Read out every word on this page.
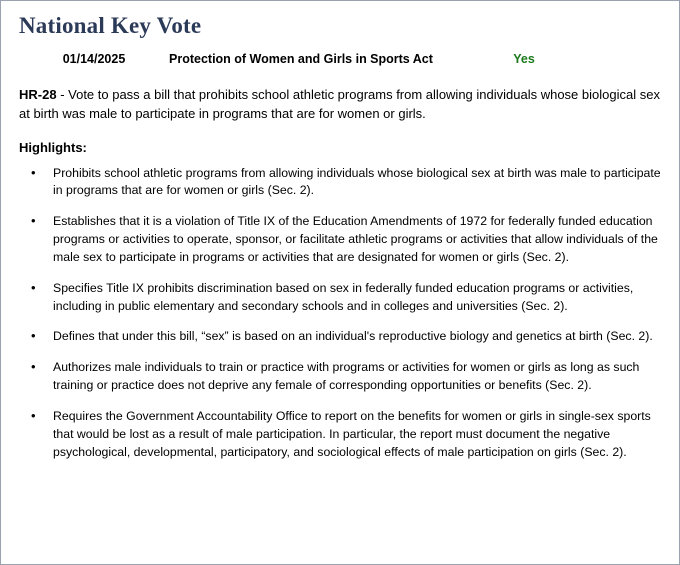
National Key Vote
01/14/2025	Protection of Women and Girls in Sports Act	Yes
HR-28 - Vote to pass a bill that prohibits school athletic programs from allowing individuals whose biological sex at birth was male to participate in programs that are for women or girls.
Highlights:
• Prohibits school athletic programs from allowing individuals whose biological sex at birth was male to participate in programs that are for women or girls (Sec. 2).
• Establishes that it is a violation of Title IX of the Education Amendments of 1972 for federally funded education programs or activities to operate, sponsor, or facilitate athletic programs or activities that allow individuals of the male sex to participate in programs or activities that are designated for women or girls (Sec. 2).
• Specifies Title IX prohibits discrimination based on sex in federally funded education programs or activities, including in public elementary and secondary schools and in colleges and universities (Sec. 2).
• Defines that under this bill, “sex” is based on an individual's reproductive biology and genetics at birth (Sec. 2).
• Authorizes male individuals to train or practice with programs or activities for women or girls as long as such training or practice does not deprive any female of corresponding opportunities or benefits (Sec. 2).
• Requires the Government Accountability Office to report on the benefits for women or girls in single-sex sports that would be lost as a result of male participation. In particular, the report must document the negative psychological, developmental, participatory, and sociological effects of male participation on girls (Sec. 2).
